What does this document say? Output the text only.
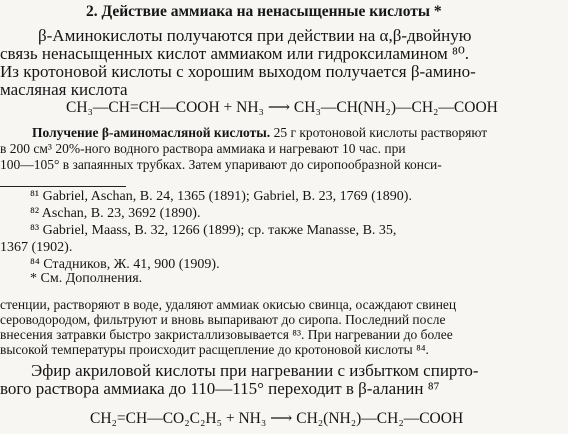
2. Действие аммиака на ненасыщенные кислоты *
β-Аминокислоты получаются при действии на α,β-двойную
связь ненасыщенных кислот аммиаком или гидроксиламином ⁸⁰.
Из кротоновой кислоты с хорошим выходом получается β-амино-
масляная кислота
CH₃—CH=CH—COOH + NH₃ ⟶ CH₃—CH(NH₂)—CH₂—COOH
Получение β-аминомасляной кислоты. 25 г кротоновой кислоты растворяют
в 200 см³ 20%-ного водного раствора аммиака и нагревают 10 час. при
100—105° в запаянных трубках. Затем упаривают до сиропообразной конси-
⁸¹ Gabriel, Aschan, B. 24, 1365 (1891); Gabriel, B. 23, 1769 (1890).
⁸² Aschan, B. 23, 3692 (1890).
⁸³ Gabriel, Maass, B. 32, 1266 (1899); ср. также Manasse, B. 35,
1367 (1902).
⁸⁴ Стадников, Ж. 41, 900 (1909).
* См. Дополнения.
стенции, растворяют в воде, удаляют аммиак окисью свинца, осаждают свинец
сероводородом, фильтруют и вновь выпаривают до сиропа. Последний после
внесения затравки быстро закристаллизовывается ⁸³. При нагревании до более
высокой температуры происходит расщепление до кротоновой кислоты ⁸⁴.
Эфир акриловой кислоты при нагревании с избытком спирто-
вого раствора аммиака до 110—115° переходит в β-аланин ⁸⁷
CH₂=CH—CO₂C₂H₅ + NH₃ ⟶ CH₂(NH₂)—CH₂—COOH
